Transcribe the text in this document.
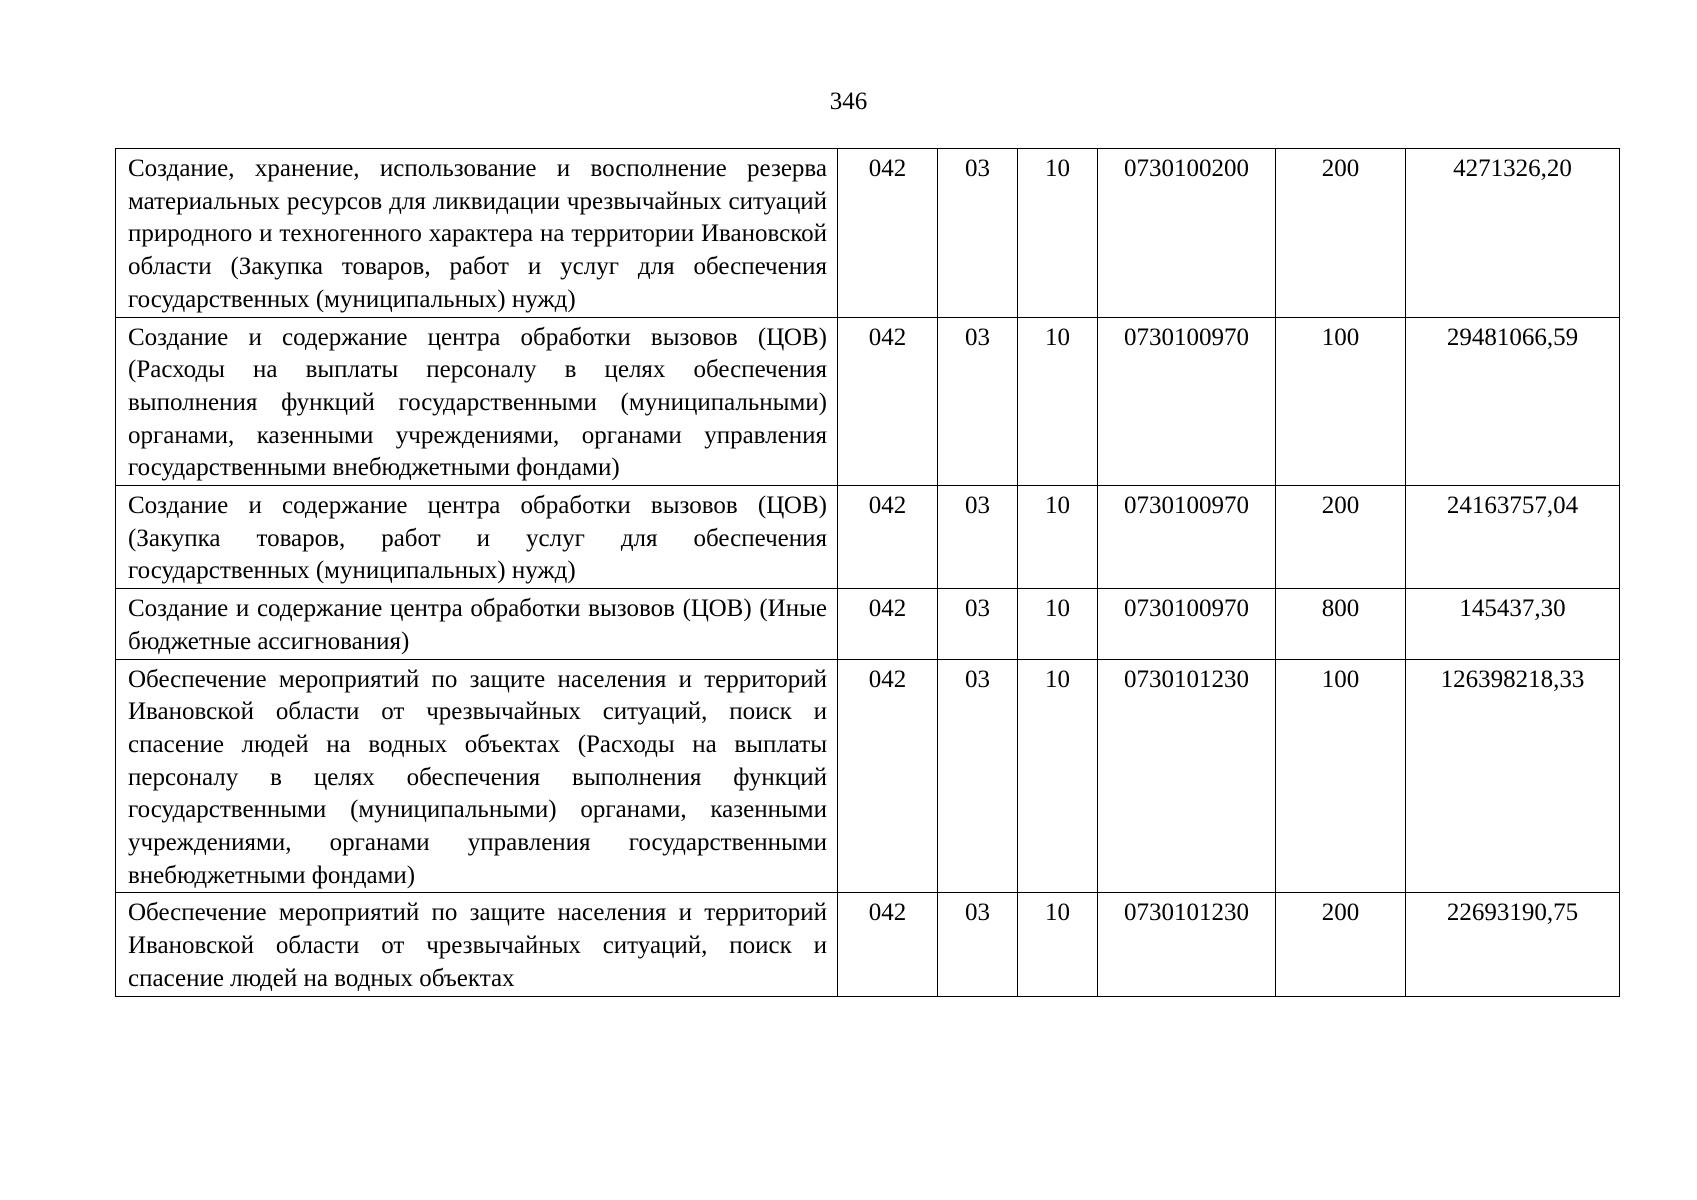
346
Создание, хранение, использование и восполнение резерва материальных ресурсов для ликвидации чрезвычайных ситуаций природного и техногенного характера на территории Ивановской области (Закупка товаров, работ и услуг для обеспечения государственных (муниципальных) нужд)	042	03	10	0730100200	200	4271326,20
Создание и содержание центра обработки вызовов (ЦОВ) (Расходы на выплаты персоналу в целях обеспечения выполнения функций государственными (муниципальными) органами, казенными учреждениями, органами управления государственными внебюджетными фондами)	042	03	10	0730100970	100	29481066,59
Создание и содержание центра обработки вызовов (ЦОВ) (Закупка товаров, работ и услуг для обеспечения государственных (муниципальных) нужд)	042	03	10	0730100970	200	24163757,04
Создание и содержание центра обработки вызовов (ЦОВ) (Иные бюджетные ассигнования)	042	03	10	0730100970	800	145437,30
Обеспечение мероприятий по защите населения и территорий Ивановской области от чрезвычайных ситуаций, поиск и спасение людей на водных объектах (Расходы на выплаты персоналу в целях обеспечения выполнения функций государственными (муниципальными) органами, казенными учреждениями, органами управления государственными внебюджетными фондами)	042	03	10	0730101230	100	126398218,33
Обеспечение мероприятий по защите населения и территорий Ивановской области от чрезвычайных ситуаций, поиск и спасение людей на водных объектах	042	03	10	0730101230	200	22693190,75
